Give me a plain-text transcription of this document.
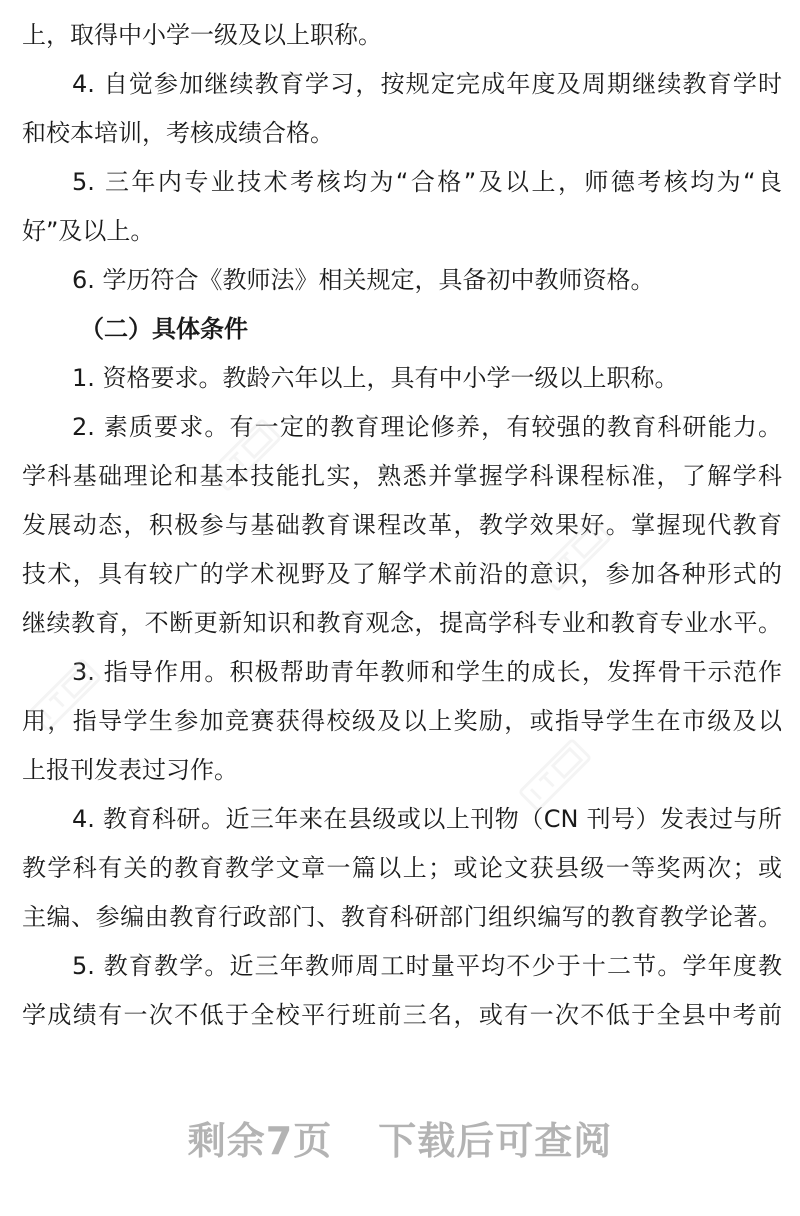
上，取得中小学一级及以上职称。
4. 自觉参加继续教育学习，按规定完成年度及周期继续教育学时
和校本培训，考核成绩合格。
5. 三年内专业技术考核均为“合格”及以上，师德考核均为“良
好”及以上。
6. 学历符合《教师法》相关规定，具备初中教师资格。
（二）具体条件
1. 资格要求。教龄六年以上，具有中小学一级以上职称。
2. 素质要求。有一定的教育理论修养，有较强的教育科研能力。
学科基础理论和基本技能扎实，熟悉并掌握学科课程标准，了解学科
发展动态，积极参与基础教育课程改革，教学效果好。掌握现代教育
技术，具有较广的学术视野及了解学术前沿的意识，参加各种形式的
继续教育，不断更新知识和教育观念，提高学科专业和教育专业水平。
3. 指导作用。积极帮助青年教师和学生的成长，发挥骨干示范作
用，指导学生参加竞赛获得校级及以上奖励，或指导学生在市级及以
上报刊发表过习作。
4. 教育科研。近三年来在县级或以上刊物（CN 刊号）发表过与所
教学科有关的教育教学文章一篇以上；或论文获县级一等奖两次；或
主编、参编由教育行政部门、教育科研部门组织编写的教育教学论著。
5. 教育教学。近三年教师周工时量平均不少于十二节。学年度教
学成绩有一次不低于全校平行班前三名，或有一次不低于全县中考前
剩余7页 下载后可查阅
